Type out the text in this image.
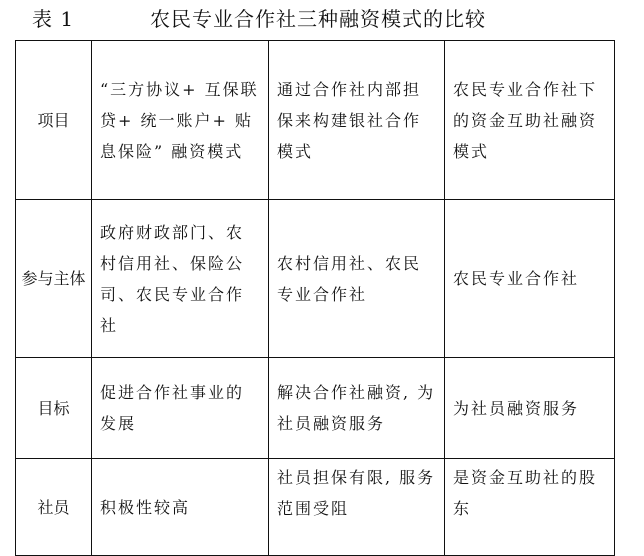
表 1	农民专业合作社三种融资模式的比较
项目	“三方协议+ 互保联贷+ 统一账户+ 贴息保险” 融资模式	通过合作社内部担保来构建银社合作模式	农民专业合作社下的资金互助社融资模式
参与主体	政府财政部门、农村信用社、保险公司、农民专业合作社	农村信用社、农民专业合作社	农民专业合作社
目标	促进合作社事业的发展	解决合作社融资, 为社员融资服务	为社员融资服务
社员	积极性较高	社员担保有限, 服务范围受阻	是资金互助社的股东
